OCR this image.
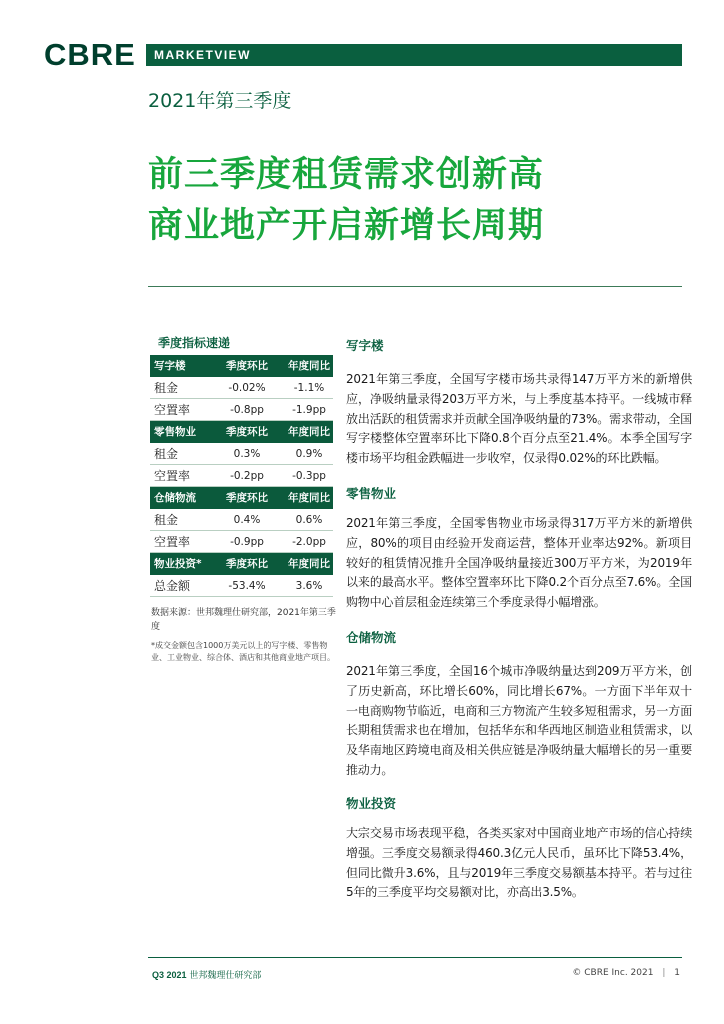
CBRE	MARKETVIEW
2021年第三季度
前三季度租赁需求创新高
商业地产开启新增长周期
季度指标速递
写字楼	季度环比	年度同比
租金	-0.02%	-1.1%
空置率	-0.8pp	-1.9pp
零售物业	季度环比	年度同比
租金	0.3%	0.9%
空置率	-0.2pp	-0.3pp
仓储物流	季度环比	年度同比
租金	0.4%	0.6%
空置率	-0.9pp	-2.0pp
物业投资*	季度环比	年度同比
总金额	-53.4%	3.6%
数据来源：世邦魏理仕研究部，2021年第三季度
*成交金额包含1000万美元以上的写字楼、零售物业、工业物业、综合体、酒店和其他商业地产项目。
写字楼
2021年第三季度，全国写字楼市场共录得147万平方米的新增供应，净吸纳量录得203万平方米，与上季度基本持平。一线城市释放出活跃的租赁需求并贡献全国净吸纳量的73%。需求带动，全国写字楼整体空置率环比下降0.8个百分点至21.4%。本季全国写字楼市场平均租金跌幅进一步收窄，仅录得0.02%的环比跌幅。
零售物业
2021年第三季度，全国零售物业市场录得317万平方米的新增供应，80%的项目由经验开发商运营，整体开业率达92%。新项目较好的租赁情况推升全国净吸纳量接近300万平方米，为2019年以来的最高水平。整体空置率环比下降0.2个百分点至7.6%。全国购物中心首层租金连续第三个季度录得小幅增涨。
仓储物流
2021年第三季度，全国16个城市净吸纳量达到209万平方米，创了历史新高，环比增长60%，同比增长67%。一方面下半年双十一电商购物节临近，电商和三方物流产生较多短租需求，另一方面长期租赁需求也在增加，包括华东和华西地区制造业租赁需求，以及华南地区跨境电商及相关供应链是净吸纳量大幅增长的另一重要推动力。
物业投资
大宗交易市场表现平稳，各类买家对中国商业地产市场的信心持续增强。三季度交易额录得460.3亿元人民币，虽环比下降53.4%，但同比微升3.6%，且与2019年三季度交易额基本持平。若与过往5年的三季度平均交易额对比，亦高出3.5%。
Q3 2021 世邦魏理仕研究部	© CBRE Inc. 2021 | 1
